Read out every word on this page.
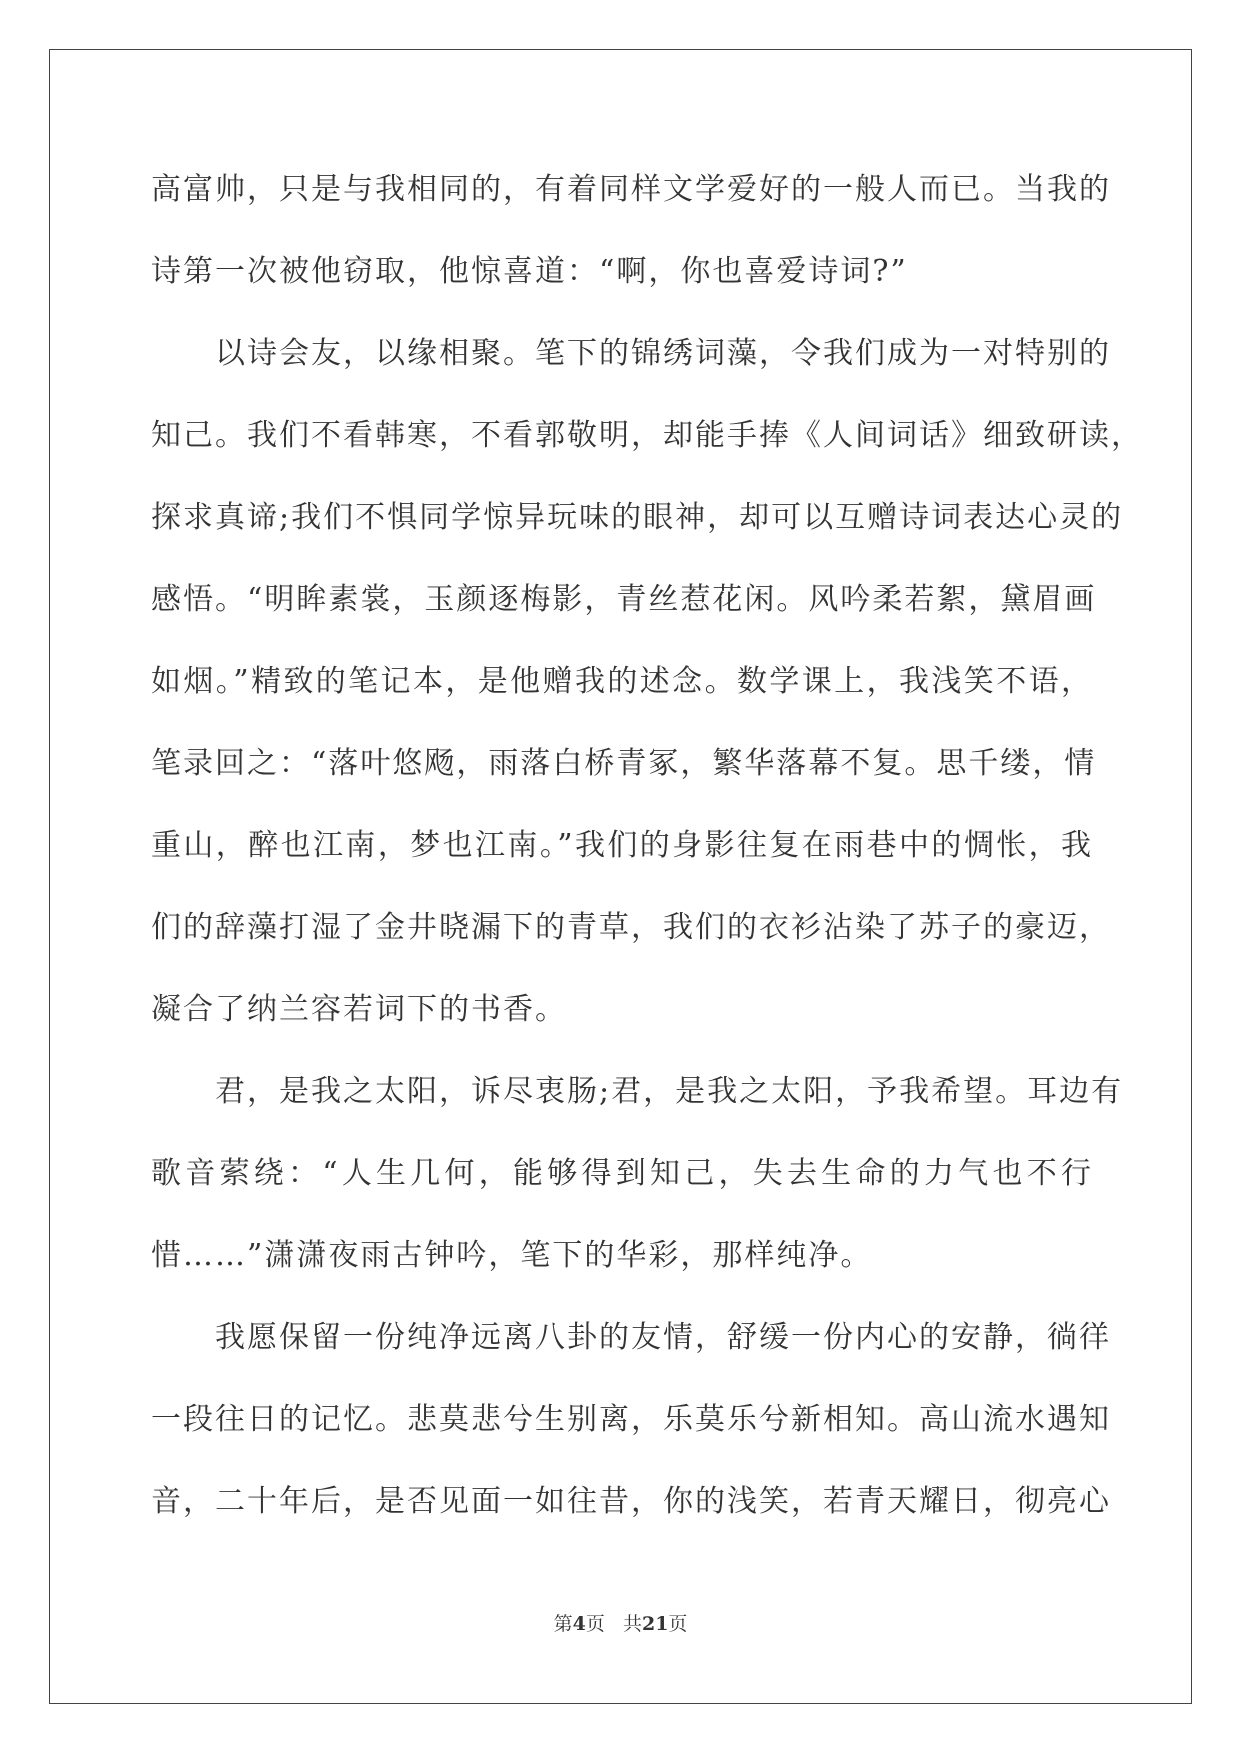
高富帅，只是与我相同的，有着同样文学爱好的一般人而已。当我的
诗第一次被他窃取，他惊喜道：“啊，你也喜爱诗词?”
以诗会友，以缘相聚。笔下的锦绣词藻，令我们成为一对特别的
知己。我们不看韩寒，不看郭敬明，却能手捧《人间词话》细致研读，
探求真谛;我们不惧同学惊异玩味的眼神，却可以互赠诗词表达心灵的
感悟。“明眸素裳，玉颜逐梅影，青丝惹花闲。风吟柔若絮，黛眉画
如烟。”精致的笔记本，是他赠我的述念。数学课上，我浅笑不语，
笔录回之：“落叶悠飏，雨落白桥青冢，繁华落幕不复。思千缕，情
重山，醉也江南，梦也江南。”我们的身影往复在雨巷中的惆怅，我
们的辞藻打湿了金井晓漏下的青草，我们的衣衫沾染了苏子的豪迈，
凝合了纳兰容若词下的书香。
君，是我之太阳，诉尽衷肠;君，是我之太阳，予我希望。耳边有
歌音萦绕：“人生几何，能够得到知己，失去生命的力气也不行
惜……”潇潇夜雨古钟吟，笔下的华彩，那样纯净。
我愿保留一份纯净远离八卦的友情，舒缓一份内心的安静，徜徉
一段往日的记忆。悲莫悲兮生别离，乐莫乐兮新相知。高山流水遇知
音，二十年后，是否见面一如往昔，你的浅笑，若青天耀日，彻亮心
第4页 共21页
